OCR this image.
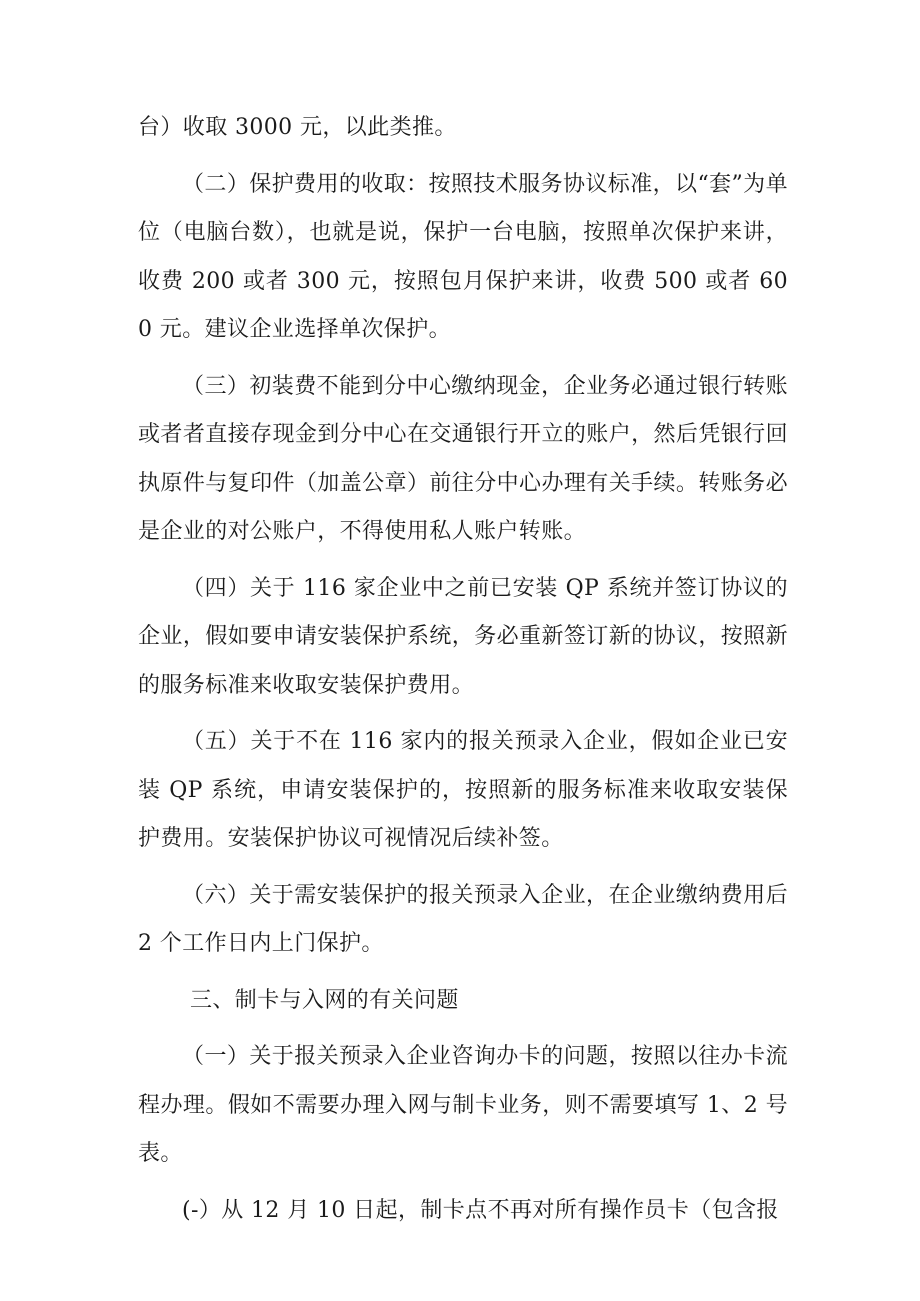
台）收取 3000 元，以此类推。

（二）保护费用的收取：按照技术服务协议标准，以“套”为单位（电脑台数），也就是说，保护一台电脑，按照单次保护来讲，收费 200 或者 300 元，按照包月保护来讲，收费 500 或者 600 元。建议企业选择单次保护。

（三）初装费不能到分中心缴纳现金，企业务必通过银行转账或者者直接存现金到分中心在交通银行开立的账户，然后凭银行回执原件与复印件（加盖公章）前往分中心办理有关手续。转账务必是企业的对公账户，不得使用私人账户转账。

（四）关于 116 家企业中之前已安装 QP 系统并签订协议的企业，假如要申请安装保护系统，务必重新签订新的协议，按照新的服务标准来收取安装保护费用。

（五）关于不在 116 家内的报关预录入企业，假如企业已安装 QP 系统，申请安装保护的，按照新的服务标准来收取安装保护费用。安装保护协议可视情况后续补签。

（六）关于需安装保护的报关预录入企业，在企业缴纳费用后 2 个工作日内上门保护。

三、制卡与入网的有关问题

（一）关于报关预录入企业咨询办卡的问题，按照以往办卡流程办理。假如不需要办理入网与制卡业务，则不需要填写 1、2 号表。

(-）从 12 月 10 日起，制卡点不再对所有操作员卡（包含报
